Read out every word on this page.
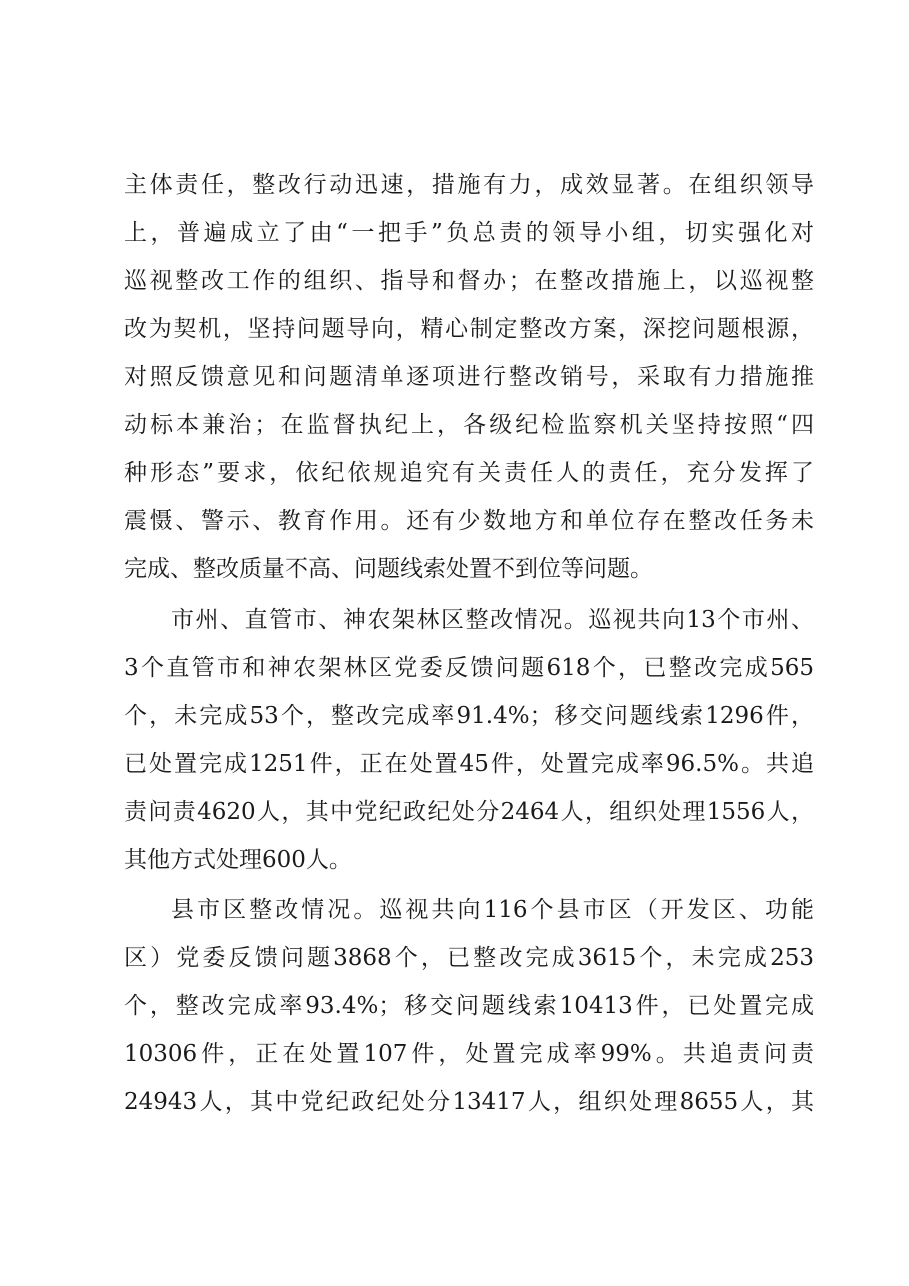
主体责任，整改行动迅速，措施有力，成效显著。在组织领导
上，普遍成立了由“一把手”负总责的领导小组，切实强化对
巡视整改工作的组织、指导和督办；在整改措施上，以巡视整
改为契机，坚持问题导向，精心制定整改方案，深挖问题根源，
对照反馈意见和问题清单逐项进行整改销号，采取有力措施推
动标本兼治；在监督执纪上，各级纪检监察机关坚持按照“四
种形态”要求，依纪依规追究有关责任人的责任，充分发挥了
震慑、警示、教育作用。还有少数地方和单位存在整改任务未
完成、整改质量不高、问题线索处置不到位等问题。
市州、直管市、神农架林区整改情况。巡视共向13个市州、
3个直管市和神农架林区党委反馈问题618个，已整改完成565
个，未完成53个，整改完成率91.4%；移交问题线索1296件，
已处置完成1251件，正在处置45件，处置完成率96.5%。共追
责问责4620人，其中党纪政纪处分2464人，组织处理1556人，
其他方式处理600人。
县市区整改情况。巡视共向116个县市区（开发区、功能
区）党委反馈问题3868个，已整改完成3615个，未完成253
个，整改完成率93.4%；移交问题线索10413件，已处置完成
10306件，正在处置107件，处置完成率99%。共追责问责
24943人，其中党纪政纪处分13417人，组织处理8655人，其
